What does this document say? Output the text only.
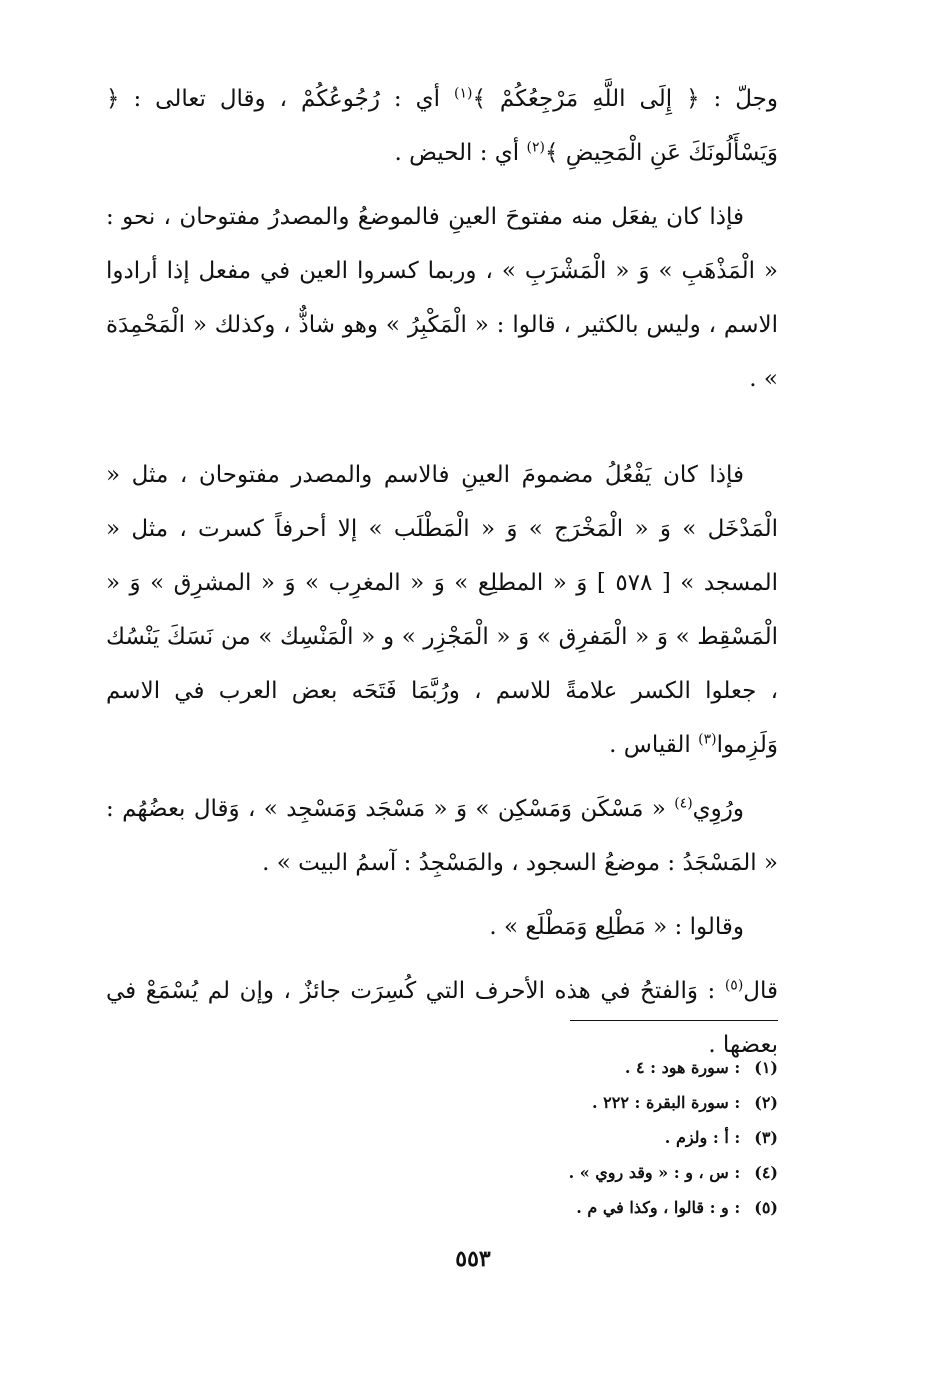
وجلّ : ﴿ إِلَى اللَّهِ مَرْجِعُكُمْ ﴾$^{(١)}$ أي : رُجُوعُكُمْ ، وقال تعالى : ﴿ وَيَسْأَلُونَكَ عَنِ الْمَحِيضِ ﴾$^{(٢)}$ أي : الحيض .

فإذا كان يفعَل منه مفتوحَ العينِ فالموضعُ والمصدرُ مفتوحان ، نحو : « الْمَذْهَبِ » وَ « الْمَشْرَبِ » ، وربما كسروا العين في مفعل إذا أرادوا الاسم ، وليس بالكثير ، قالوا : « الْمَكْبِرُ » وهو شاذٌّ ، وكذلك « الْمَحْمِدَة » .

فإذا كان يَفْعُلُ مضمومَ العينِ فالاسم والمصدر مفتوحان ، مثل « الْمَدْخَل » وَ « الْمَخْرَج » وَ « الْمَطْلَب » إلا أحرفاً كسرت ، مثل « المسجد » [ ٥٧٨ ] وَ « المطلِع » وَ « المغرِب » وَ « المشرِق » وَ « الْمَسْقِط » وَ « الْمَفرِق » وَ « الْمَجْزِر » و « الْمَنْسِك » من نَسَكَ يَنْسُك ، جعلوا الكسر علامةً للاسم ، ورُبَّمَا فَتَحَه بعض العرب في الاسم وَلَزِموا$^{(٣)}$ القياس .

ورُوِي$^{(٤)}$ « مَسْكَن وَمَسْكِن » وَ « مَسْجَد وَمَسْجِد » ، وَقال بعضُهُم : « المَسْجَدُ : موضعُ السجود ، والمَسْجِدُ : آسمُ البيت » .

وقالوا : « مَطْلِع وَمَطْلَع » .

قال$^{(٥)}$ : وَالفتحُ في هذه الأحرف التي كُسِرَت جائزٌ ، وإن لم يُسْمَعْ في بعضها .

(١): سورة هود : ٤ .
(٢): سورة البقرة : ٢٢٢ .
(٣): أ : ولزم .
(٤): س ، و : « وقد روي » .
(٥): و : قالوا ، وكذا في م .
٥٥٣
